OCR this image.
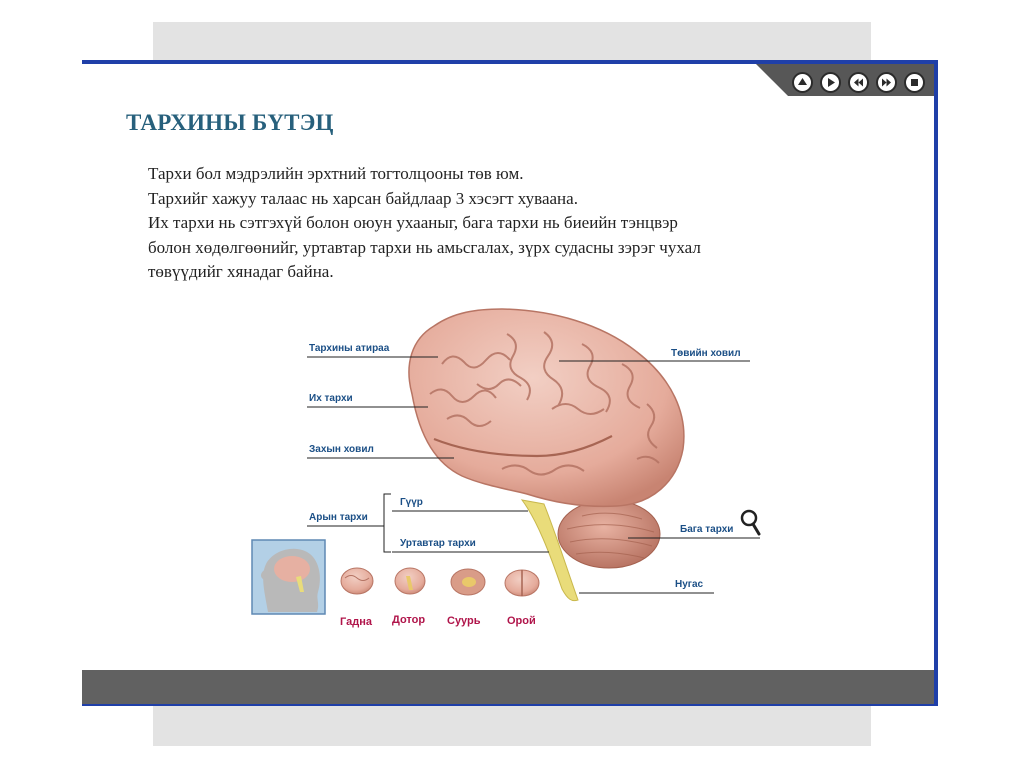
ТАРХИНЫ БҮТЭЦ
Тархи бол мэдрэлийн эрхтний тогтолцооны төв юм.
Тархийг хажуу талаас нь харсан байдлаар 3 хэсэгт хуваана.
Их тархи нь сэтгэхүй болон оюун ухааныг, бага тархи нь биеийн тэнцвэр
болон хөдөлгөөнийг, уртавтар тархи нь амьсгалах, зүрх судасны зэрэг чухал
төвүүдийг хянадаг байна.
Тархины атираа
Их тархи
Захын ховил
Арын тархи
Гүүр
Уртавтар тархи
Төвийн ховил
Бага тархи
Нугас
Гадна Дотор Суурь Орой
